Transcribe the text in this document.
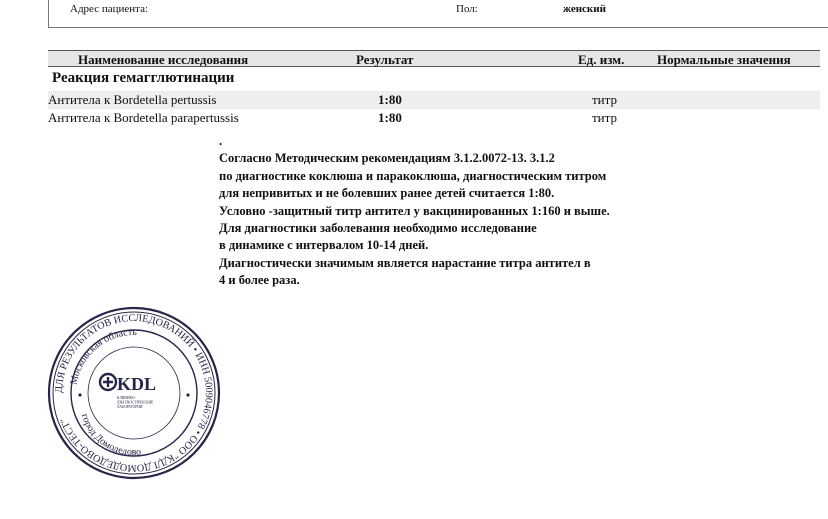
Адрес пациента:	Пол:	женский
Наименование исследования	Результат	Ед. изм.	Нормальные значения
Реакция гемагглютинации
Антитела к Bordetella pertussis	1:80	титр
Антитела к Bordetella parapertussis	1:80	титр
.
Согласно Методическим рекомендациям 3.1.2.0072-13. 3.1.2
по диагностике коклюша и паракоклюша, диагностическим титром
для непривитых и не болевших ранее детей считается 1:80.
Условно -защитный титр антител у вакцинированных 1:160 и выше.
Для диагностики заболевания необходимо исследование
в динамике с интервалом 10-14 дней.
Диагностически значимым является нарастание титра антител в
4 и более раза.
ДЛЯ РЕЗУЛЬТАТОВ ИССЛЕДОВАНИЙ • ИНН 5009046778 • ООО "КДЛ ДОМОДЕДОВО-ТЕСТ"
Московская область
город Домодедово
KDL
КЛИНИКО-
ДИАГНОСТИЧЕСКИЕ
ЛАБОРАТОРИИ
